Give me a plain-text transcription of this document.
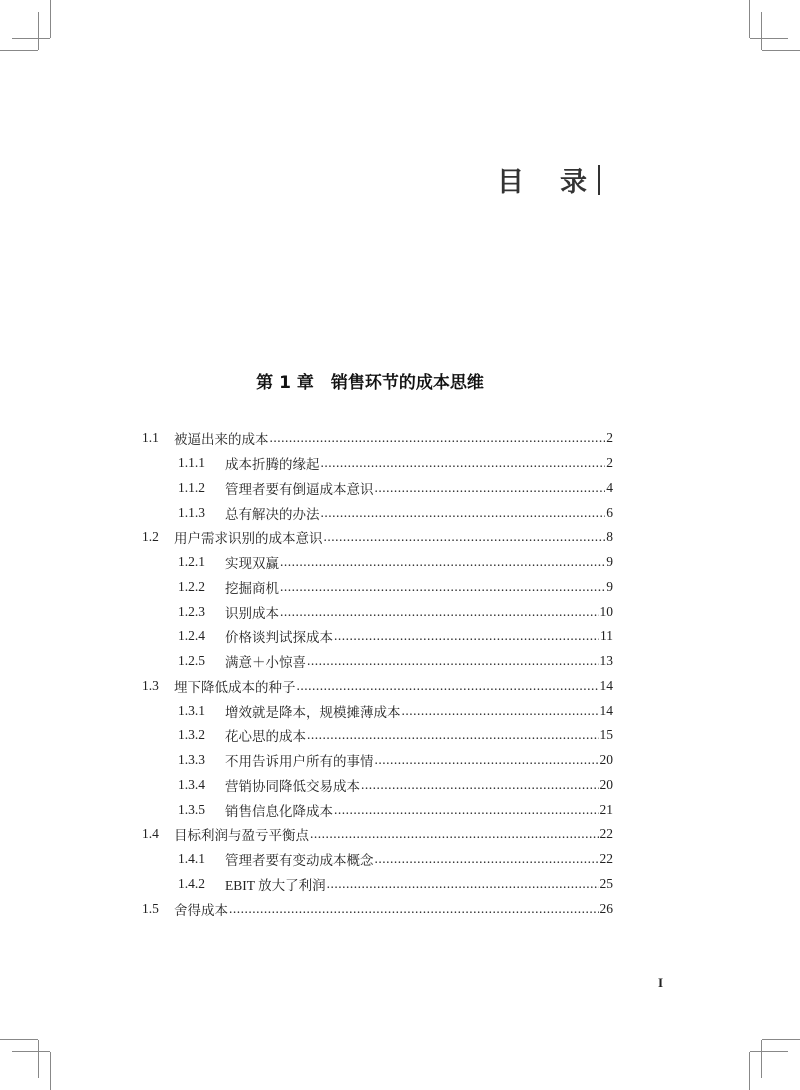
目 录
第 1 章　销售环节的成本思维
1.1	被逼出来的成本 .....	2
1.1.1	成本折腾的缘起 .....	2
1.1.2	管理者要有倒逼成本意识 .....	4
1.1.3	总有解决的办法 .....	6
1.2	用户需求识别的成本意识 .....	8
1.2.1	实现双赢 .....	9
1.2.2	挖掘商机 .....	9
1.2.3	识别成本 .....	10
1.2.4	价格谈判试探成本 .....	11
1.2.5	满意＋小惊喜 .....	13
1.3	埋下降低成本的种子 .....	14
1.3.1	增效就是降本，规模摊薄成本 .....	14
1.3.2	花心思的成本 .....	15
1.3.3	不用告诉用户所有的事情 .....	20
1.3.4	营销协同降低交易成本 .....	20
1.3.5	销售信息化降成本 .....	21
1.4	目标利润与盈亏平衡点 .....	22
1.4.1	管理者要有变动成本概念 .....	22
1.4.2	EBIT 放大了利润 .....	25
1.5	舍得成本 .....	26
I
